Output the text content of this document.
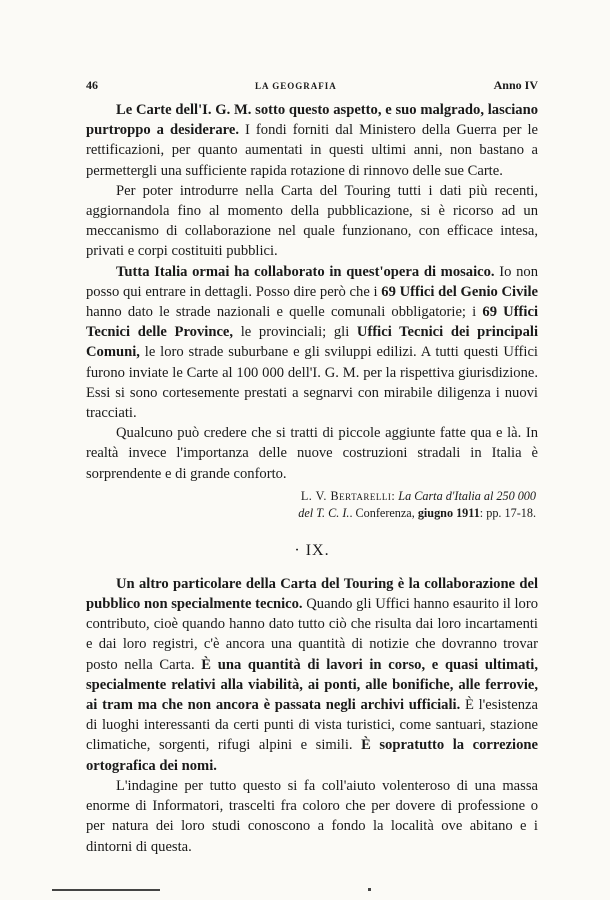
46	LA GEOGRAFIA	Anno IV

Le Carte dell'I. G. M. sotto questo aspetto, e suo malgrado, lasciano purtroppo a desiderare. I fondi forniti dal Ministero della Guerra per le rettificazioni, per quanto aumentati in questi ultimi anni, non bastano a permettergli una sufficiente rapida rotazione di rinnovo delle sue Carte.

Per poter introdurre nella Carta del Touring tutti i dati più recenti, aggiornandola fino al momento della pubblicazione, si è ricorso ad un meccanismo di collaborazione nel quale funzionano, con efficace intesa, privati e corpi costituiti pubblici.

Tutta Italia ormai ha collaborato in quest'opera di mosaico. Io non posso qui entrare in dettagli. Posso dire però che i 69 Uffici del Genio Civile hanno dato le strade nazionali e quelle comunali obbligatorie; i 69 Uffici Tecnici delle Province, le provinciali; gli Uffici Tecnici dei principali Comuni, le loro strade suburbane e gli sviluppi edilizi. A tutti questi Uffici furono inviate le Carte al 100 000 dell'I. G. M. per la rispettiva giurisdizione. Essi si sono cortesemente prestati a segnarvi con mirabile diligenza i nuovi tracciati.

Qualcuno può credere che si tratti di piccole aggiunte fatte qua e là. In realtà invece l'importanza delle nuove costruzioni stradali in Italia è sorprendente e di grande conforto.

L. V. Bertarelli: La Carta d'Italia al 250 000
del T. C. I.. Conferenza, giugno 1911: pp. 17-18.
· IX.

Un altro particolare della Carta del Touring è la collaborazione del pubblico non specialmente tecnico. Quando gli Uffici hanno esaurito il loro contributo, cioè quando hanno dato tutto ciò che risulta dai loro incartamenti e dai loro registri, c'è ancora una quantità di notizie che dovranno trovar posto nella Carta. È una quantità di lavori in corso, e quasi ultimati, specialmente relativi alla viabilità, ai ponti, alle bonifiche, alle ferrovie, ai tram ma che non ancora è passata negli archivi ufficiali. È l'esistenza di luoghi interessanti da certi punti di vista turistici, come santuari, stazione climatiche, sorgenti, rifugi alpini e simili. È sopratutto la correzione ortografica dei nomi.

L'indagine per tutto questo si fa coll'aiuto volenteroso di una massa enorme di Informatori, trascelti fra coloro che per dovere di professione o per natura dei loro studi conoscono a fondo la località ove abitano e i dintorni di questa.
